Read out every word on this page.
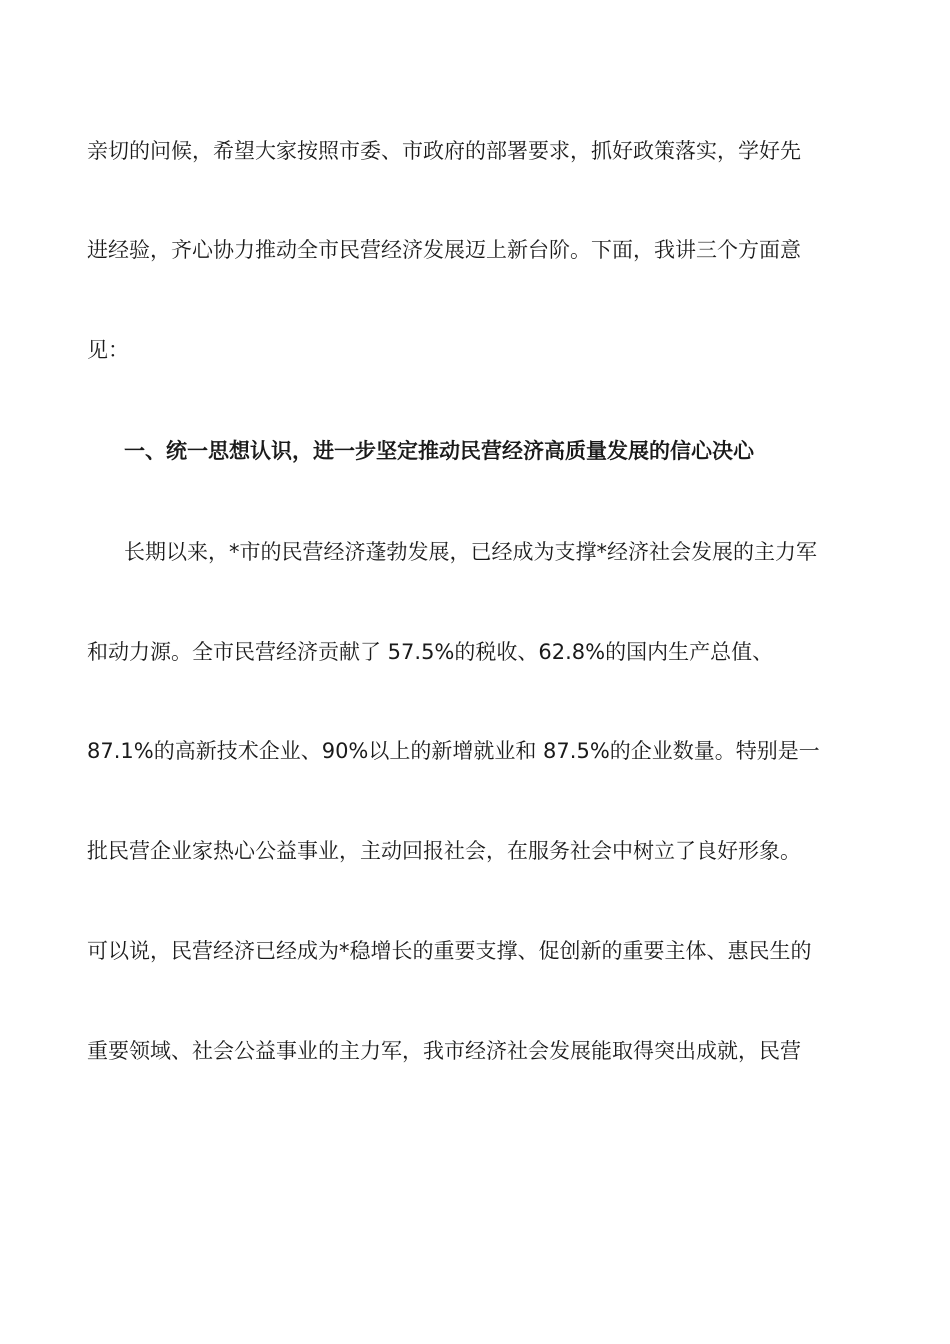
亲切的问候，希望大家按照市委、市政府的部署要求，抓好政策落实，学好先
进经验，齐心协力推动全市民营经济发展迈上新台阶。下面，我讲三个方面意
见：
一、统一思想认识，进一步坚定推动民营经济高质量发展的信心决心
长期以来，*市的民营经济蓬勃发展，已经成为支撑*经济社会发展的主力军
和动力源。全市民营经济贡献了 57.5%的税收、62.8%的国内生产总值、
87.1%的高新技术企业、90%以上的新增就业和 87.5%的企业数量。特别是一
批民营企业家热心公益事业，主动回报社会，在服务社会中树立了良好形象。
可以说，民营经济已经成为*稳增长的重要支撑、促创新的重要主体、惠民生的
重要领域、社会公益事业的主力军，我市经济社会发展能取得突出成就，民营
